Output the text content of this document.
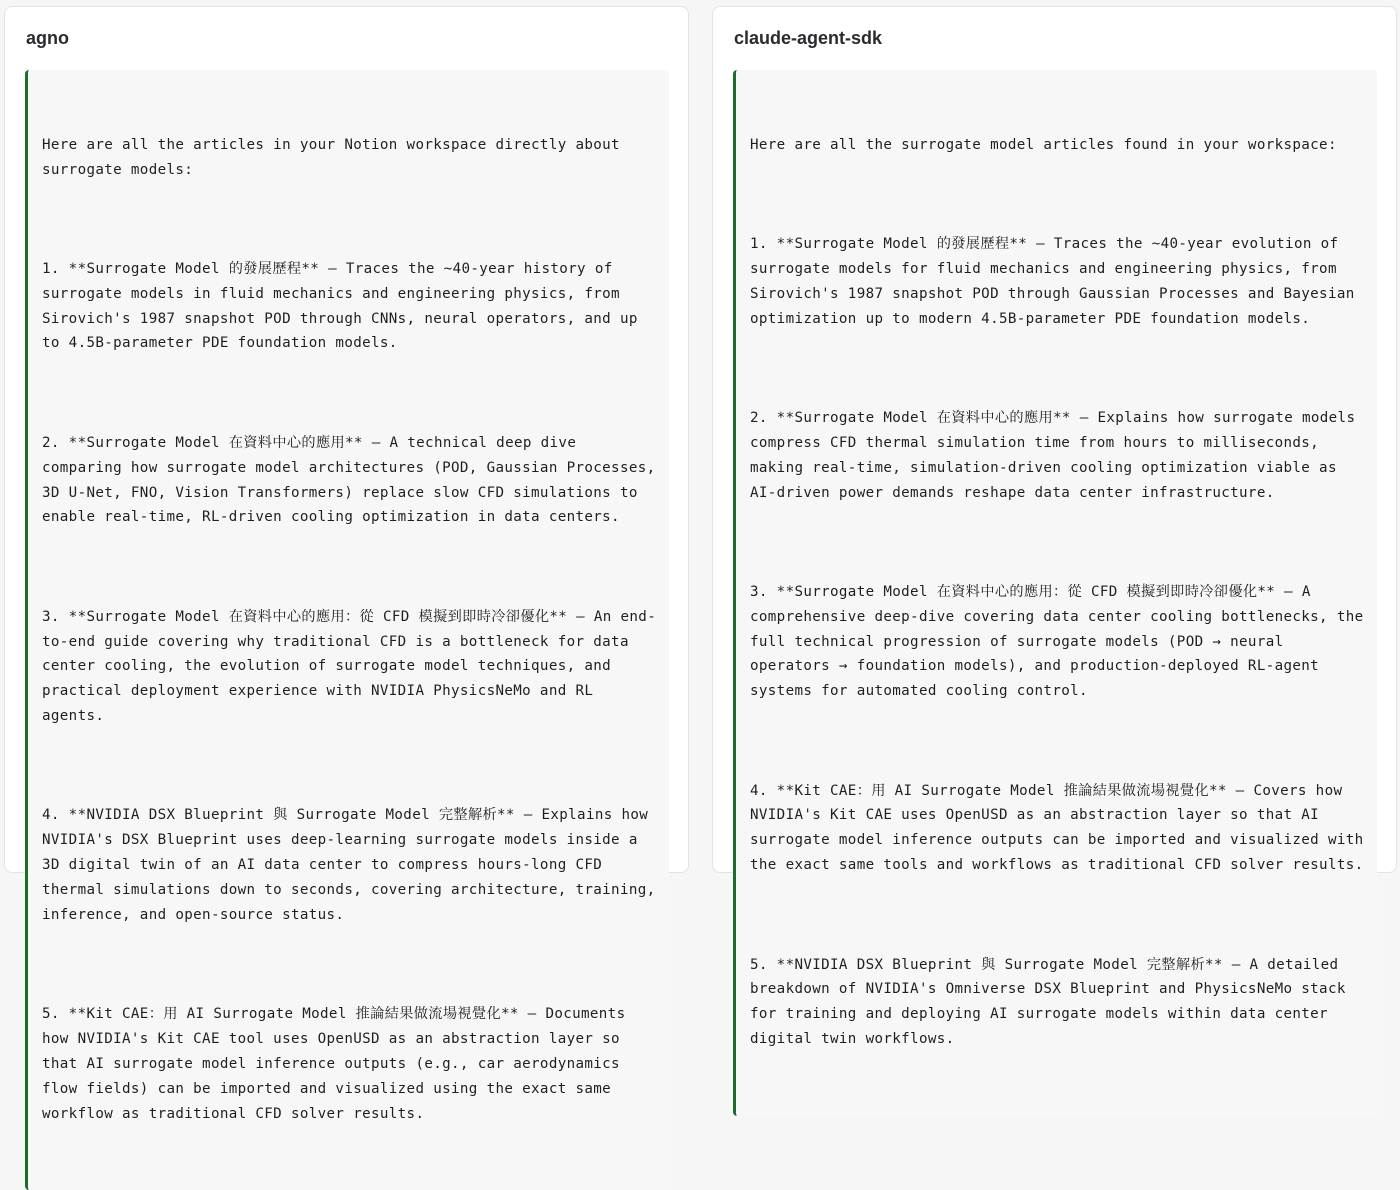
agno

Here are all the articles in your Notion workspace directly about surrogate models:

1. **Surrogate Model 的發展歷程** — Traces the ~40-year history of surrogate models in fluid mechanics and engineering physics, from Sirovich's 1987 snapshot POD through CNNs, neural operators, and up to 4.5B-parameter PDE foundation models.

2. **Surrogate Model 在資料中心的應用** — A technical deep dive comparing how surrogate model architectures (POD, Gaussian Processes, 3D U-Net, FNO, Vision Transformers) replace slow CFD simulations to enable real-time, RL-driven cooling optimization in data centers.

3. **Surrogate Model 在資料中心的應用：從 CFD 模擬到即時冷卻優化** — An end-to-end guide covering why traditional CFD is a bottleneck for data center cooling, the evolution of surrogate model techniques, and practical deployment experience with NVIDIA PhysicsNeMo and RL agents.

4. **NVIDIA DSX Blueprint 與 Surrogate Model 完整解析** — Explains how NVIDIA's DSX Blueprint uses deep-learning surrogate models inside a 3D digital twin of an AI data center to compress hours-long CFD thermal simulations down to seconds, covering architecture, training, inference, and open-source status.

5. **Kit CAE：用 AI Surrogate Model 推論結果做流場視覺化** — Documents how NVIDIA's Kit CAE tool uses OpenUSD as an abstraction layer so that AI surrogate model inference outputs (e.g., car aerodynamics flow fields) can be imported and visualized using the exact same workflow as traditional CFD solver results.

claude-agent-sdk

Here are all the surrogate model articles found in your workspace:

1. **Surrogate Model 的發展歷程** — Traces the ~40-year evolution of surrogate models for fluid mechanics and engineering physics, from Sirovich's 1987 snapshot POD through Gaussian Processes and Bayesian optimization up to modern 4.5B-parameter PDE foundation models.

2. **Surrogate Model 在資料中心的應用** — Explains how surrogate models compress CFD thermal simulation time from hours to milliseconds, making real-time, simulation-driven cooling optimization viable as AI-driven power demands reshape data center infrastructure.

3. **Surrogate Model 在資料中心的應用：從 CFD 模擬到即時冷卻優化** — A comprehensive deep-dive covering data center cooling bottlenecks, the full technical progression of surrogate models (POD → neural operators → foundation models), and production-deployed RL-agent systems for automated cooling control.

4. **Kit CAE：用 AI Surrogate Model 推論結果做流場視覺化** — Covers how NVIDIA's Kit CAE uses OpenUSD as an abstraction layer so that AI surrogate model inference outputs can be imported and visualized with the exact same tools and workflows as traditional CFD solver results.

5. **NVIDIA DSX Blueprint 與 Surrogate Model 完整解析** — A detailed breakdown of NVIDIA's Omniverse DSX Blueprint and PhysicsNeMo stack for training and deploying AI surrogate models within data center digital twin workflows.
